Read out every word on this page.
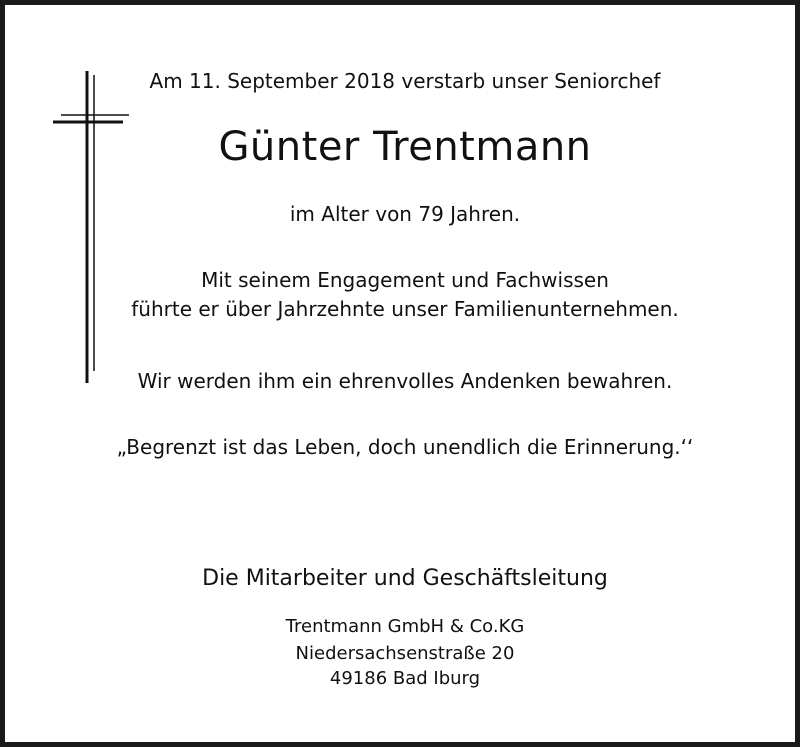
Am 11. September 2018 verstarb unser Seniorchef
Günter Trentmann
im Alter von 79 Jahren.
Mit seinem Engagement und Fachwissen
führte er über Jahrzehnte unser Familienunternehmen.
Wir werden ihm ein ehrenvolles Andenken bewahren.
„Begrenzt ist das Leben, doch unendlich die Erinnerung.‘‘
Die Mitarbeiter und Geschäftsleitung
Trentmann GmbH & Co.KG
Niedersachsenstraße 20
49186 Bad Iburg
